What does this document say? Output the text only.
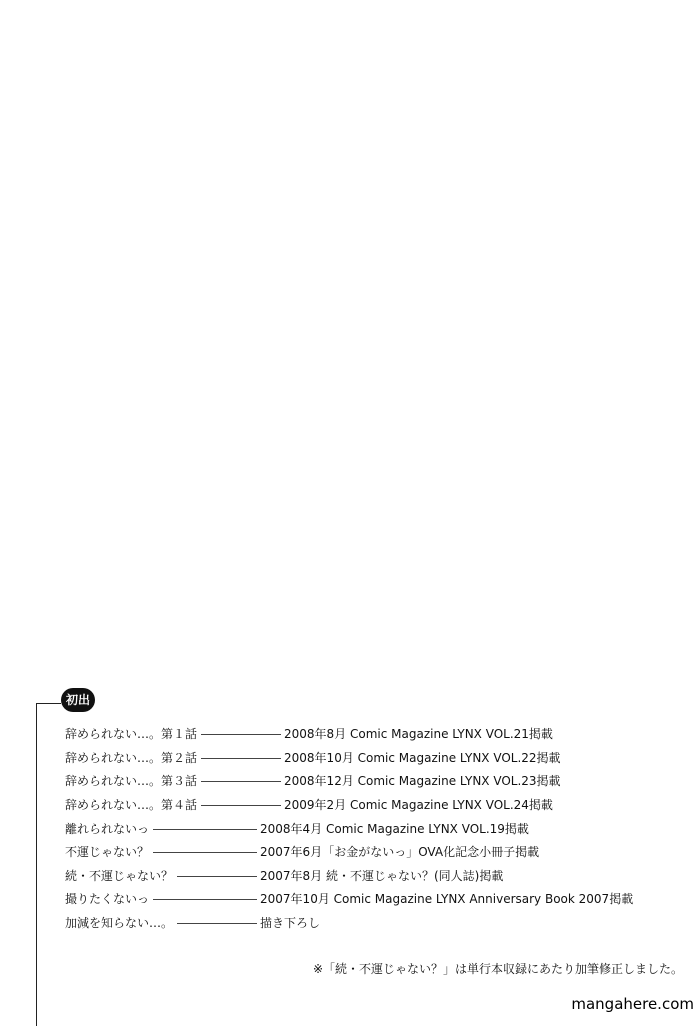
初出
辞められない…。第１話	2008年8月 Comic Magazine LYNX VOL.21掲載
辞められない…。第２話	2008年10月 Comic Magazine LYNX VOL.22掲載
辞められない…。第３話	2008年12月 Comic Magazine LYNX VOL.23掲載
辞められない…。第４話	2009年2月 Comic Magazine LYNX VOL.24掲載
離れられないっ	2008年4月 Comic Magazine LYNX VOL.19掲載
不運じゃない？	2007年6月「お金がないっ」OVA化記念小冊子掲載
続・不運じゃない？	2007年8月 続・不運じゃない？(同人誌)掲載
撮りたくないっ	2007年10月 Comic Magazine LYNX Anniversary Book 2007掲載
加減を知らない…。	描き下ろし
※「続・不運じゃない？」は単行本収録にあたり加筆修正しました。
mangahere.com
